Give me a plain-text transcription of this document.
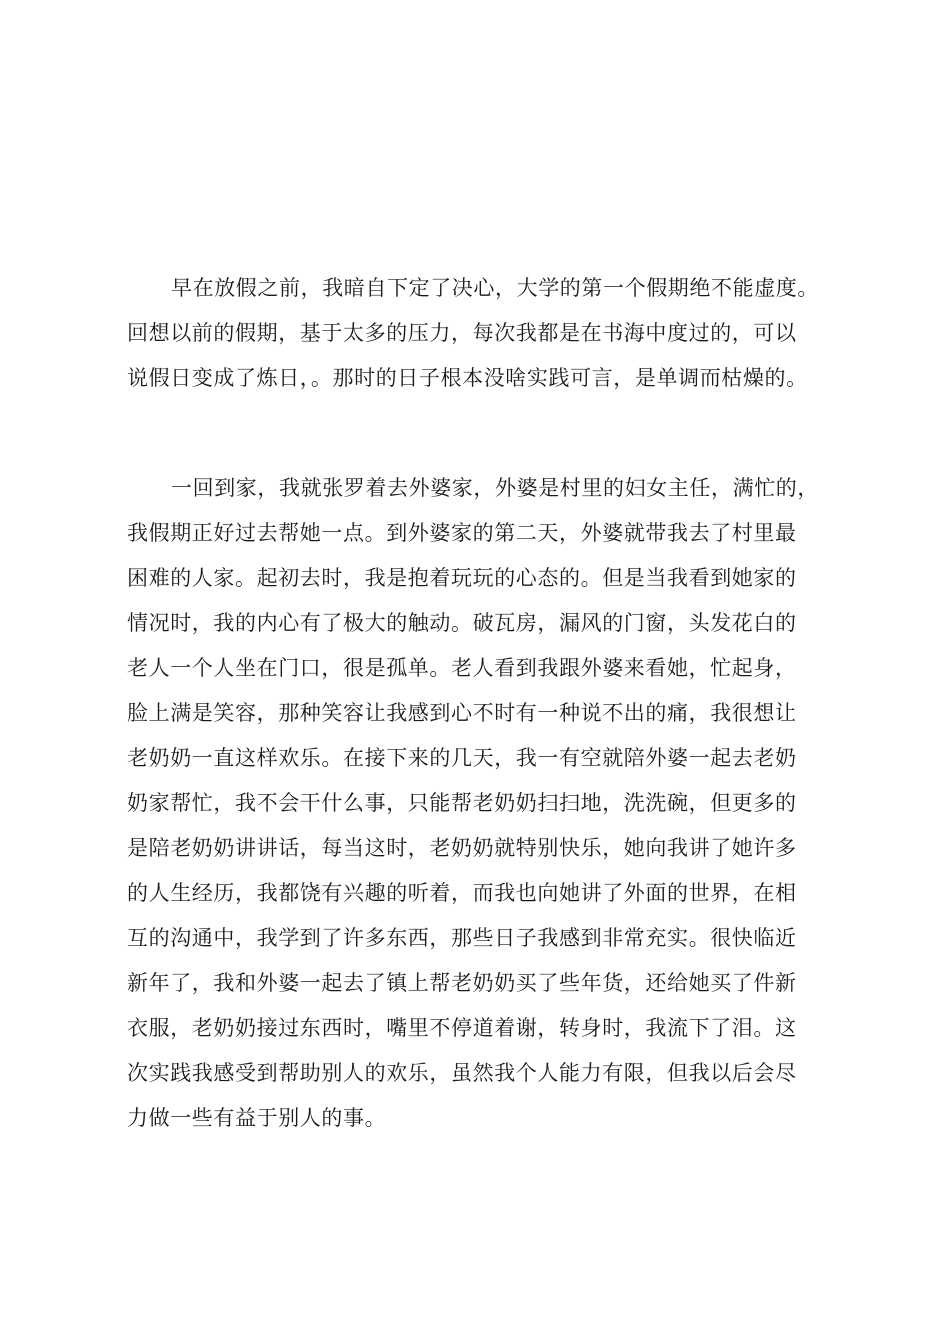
早在放假之前，我暗自下定了决心，大学的第一个假期绝不能虚度。
回想以前的假期，基于太多的压力，每次我都是在书海中度过的，可以
说假日变成了炼日，。那时的日子根本没啥实践可言，是单调而枯燥的。
一回到家，我就张罗着去外婆家，外婆是村里的妇女主任，满忙的，
我假期正好过去帮她一点。到外婆家的第二天，外婆就带我去了村里最
困难的人家。起初去时，我是抱着玩玩的心态的。但是当我看到她家的
情况时，我的内心有了极大的触动。破瓦房，漏风的门窗，头发花白的
老人一个人坐在门口，很是孤单。老人看到我跟外婆来看她，忙起身，
脸上满是笑容，那种笑容让我感到心不时有一种说不出的痛，我很想让
老奶奶一直这样欢乐。在接下来的几天，我一有空就陪外婆一起去老奶
奶家帮忙，我不会干什么事，只能帮老奶奶扫扫地，洗洗碗，但更多的
是陪老奶奶讲讲话，每当这时，老奶奶就特别快乐，她向我讲了她许多
的人生经历，我都饶有兴趣的听着，而我也向她讲了外面的世界，在相
互的沟通中，我学到了许多东西，那些日子我感到非常充实。很快临近
新年了，我和外婆一起去了镇上帮老奶奶买了些年货，还给她买了件新
衣服，老奶奶接过东西时，嘴里不停道着谢，转身时，我流下了泪。这
次实践我感受到帮助别人的欢乐，虽然我个人能力有限，但我以后会尽
力做一些有益于别人的事。
